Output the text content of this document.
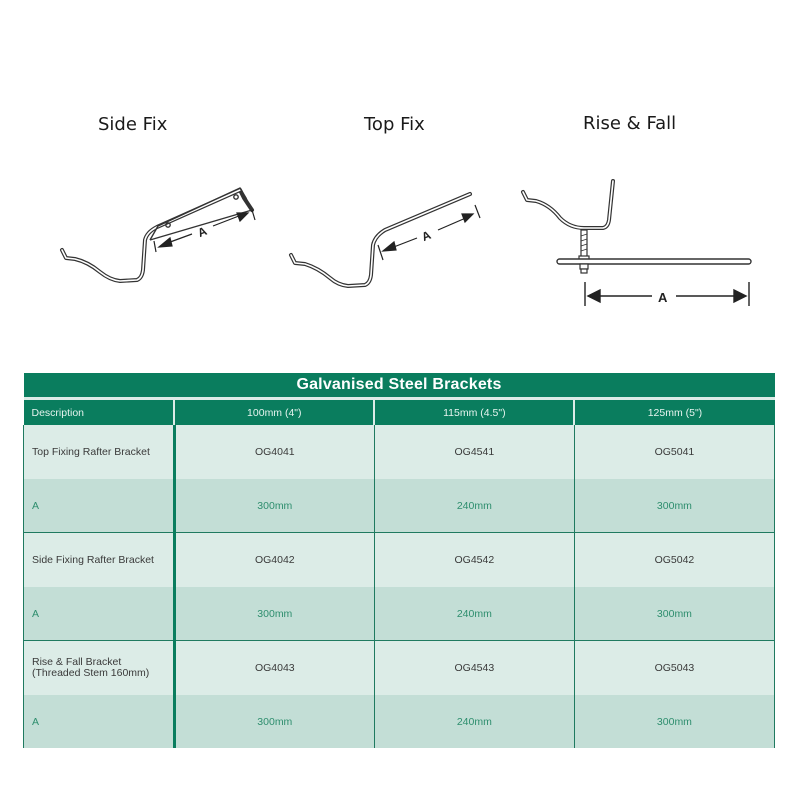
Side Fix
A
Top Fix
A
Rise & Fall
A
Galvanised Steel Brackets			
Description	100mm (4")	115mm (4.5")	125mm (5")

Top Fixing Rafter Bracket	OG4041	OG4541	OG5041
A	300mm	240mm	300mm

Side Fixing Rafter Bracket	OG4042	OG4542	OG5042
A	300mm	240mm	300mm

Rise & Fall Bracket
(Threaded Stem 160mm)	OG4043	OG4543	OG5043
A	300mm	240mm	300mm
